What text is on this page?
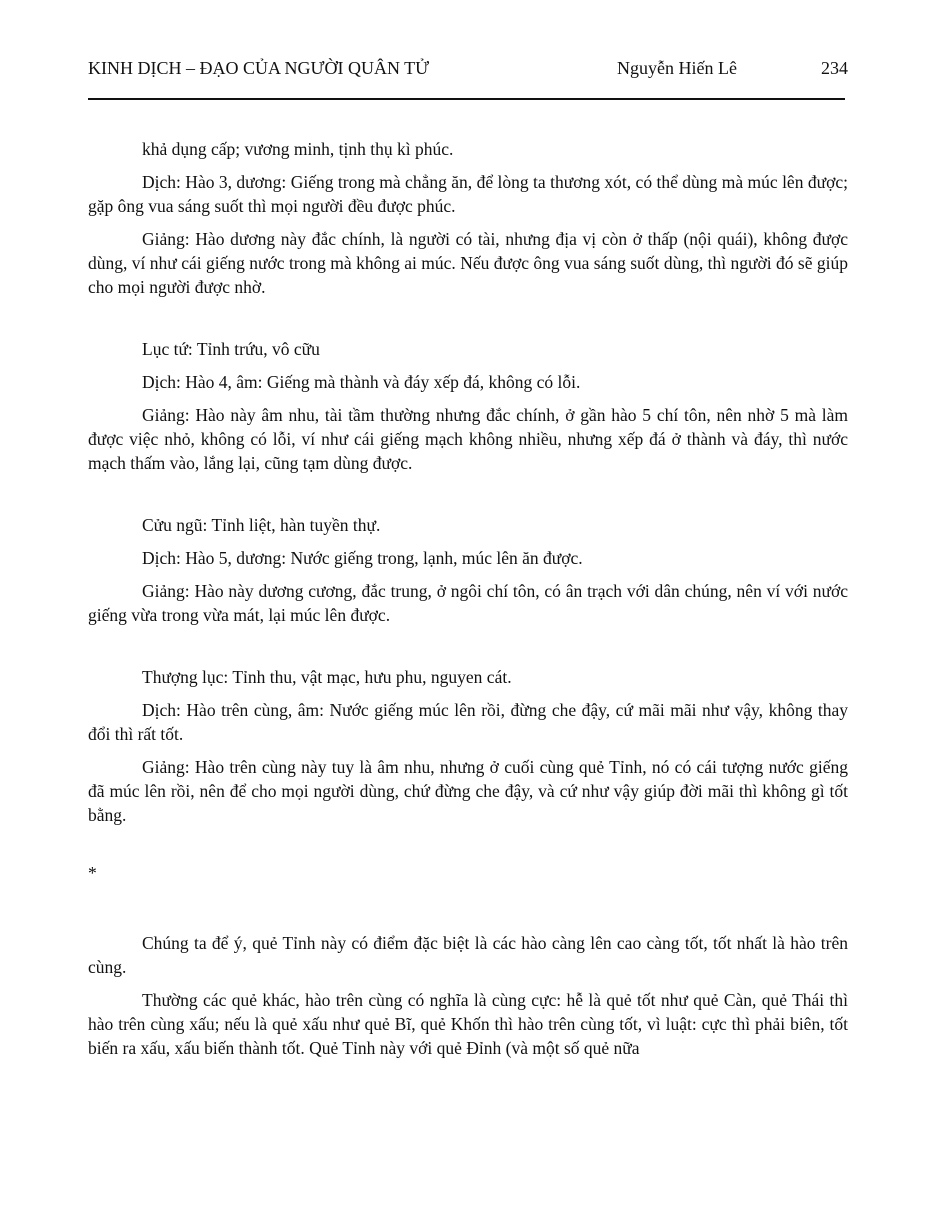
KINH DỊCH – ĐẠO CỦA NGƯỜI QUÂN TỬ	Nguyễn Hiến Lê	234

khả dụng cấp; vương minh, tịnh thụ kì phúc.

Dịch: Hào 3, dương: Giếng trong mà chẳng ăn, để lòng ta thương xót, có thể dùng mà múc lên được; gặp ông vua sáng suốt thì mọi người đều được phúc.

Giảng: Hào dương này đắc chính, là người có tài, nhưng địa vị còn ở thấp (nội quái), không được dùng, ví như cái giếng nước trong mà không ai múc. Nếu được ông vua sáng suốt dùng, thì người đó sẽ giúp cho mọi người được nhờ.

Lục tứ: Tỉnh trứu, vô cữu

Dịch: Hào 4, âm: Giếng mà thành và đáy xếp đá, không có lỗi.

Giảng: Hào này âm nhu, tài tầm thường nhưng đắc chính, ở gần hào 5 chí tôn, nên nhờ 5 mà làm được việc nhỏ, không có lỗi, ví như cái giếng mạch không nhiều, nhưng xếp đá ở thành và đáy, thì nước mạch thấm vào, lắng lại, cũng tạm dùng được.

Cửu ngũ: Tỉnh liệt, hàn tuyền thự.

Dịch: Hào 5, dương: Nước giếng trong, lạnh, múc lên ăn được.

Giảng: Hào này dương cương, đắc trung, ở ngôi chí tôn, có ân trạch với dân chúng, nên ví với nước giếng vừa trong vừa mát, lại múc lên được.

Thượng lục: Tỉnh thu, vật mạc, hưu phu, nguyen cát.

Dịch: Hào trên cùng, âm: Nước giếng múc lên rồi, đừng che đậy, cứ mãi mãi như vậy, không thay đổi thì rất tốt.

Giảng: Hào trên cùng này tuy là âm nhu, nhưng ở cuối cùng quẻ Tỉnh, nó có cái tượng nước giếng đã múc lên rồi, nên để cho mọi người dùng, chứ đừng che đậy, và cứ như vậy giúp đời mãi thì không gì tốt bằng.

*

Chúng ta để ý, quẻ Tỉnh này có điểm đặc biệt là các hào càng lên cao càng tốt, tốt nhất là hào trên cùng.

Thường các quẻ khác, hào trên cùng có nghĩa là cùng cực: hễ là quẻ tốt như quẻ Càn, quẻ Thái thì hào trên cùng xấu; nếu là quẻ xấu như quẻ Bĩ, quẻ Khốn thì hào trên cùng tốt, vì luật: cực thì phải biên, tốt biến ra xấu, xấu biến thành tốt. Quẻ Tỉnh này với quẻ Đỉnh (và một số quẻ nữa
